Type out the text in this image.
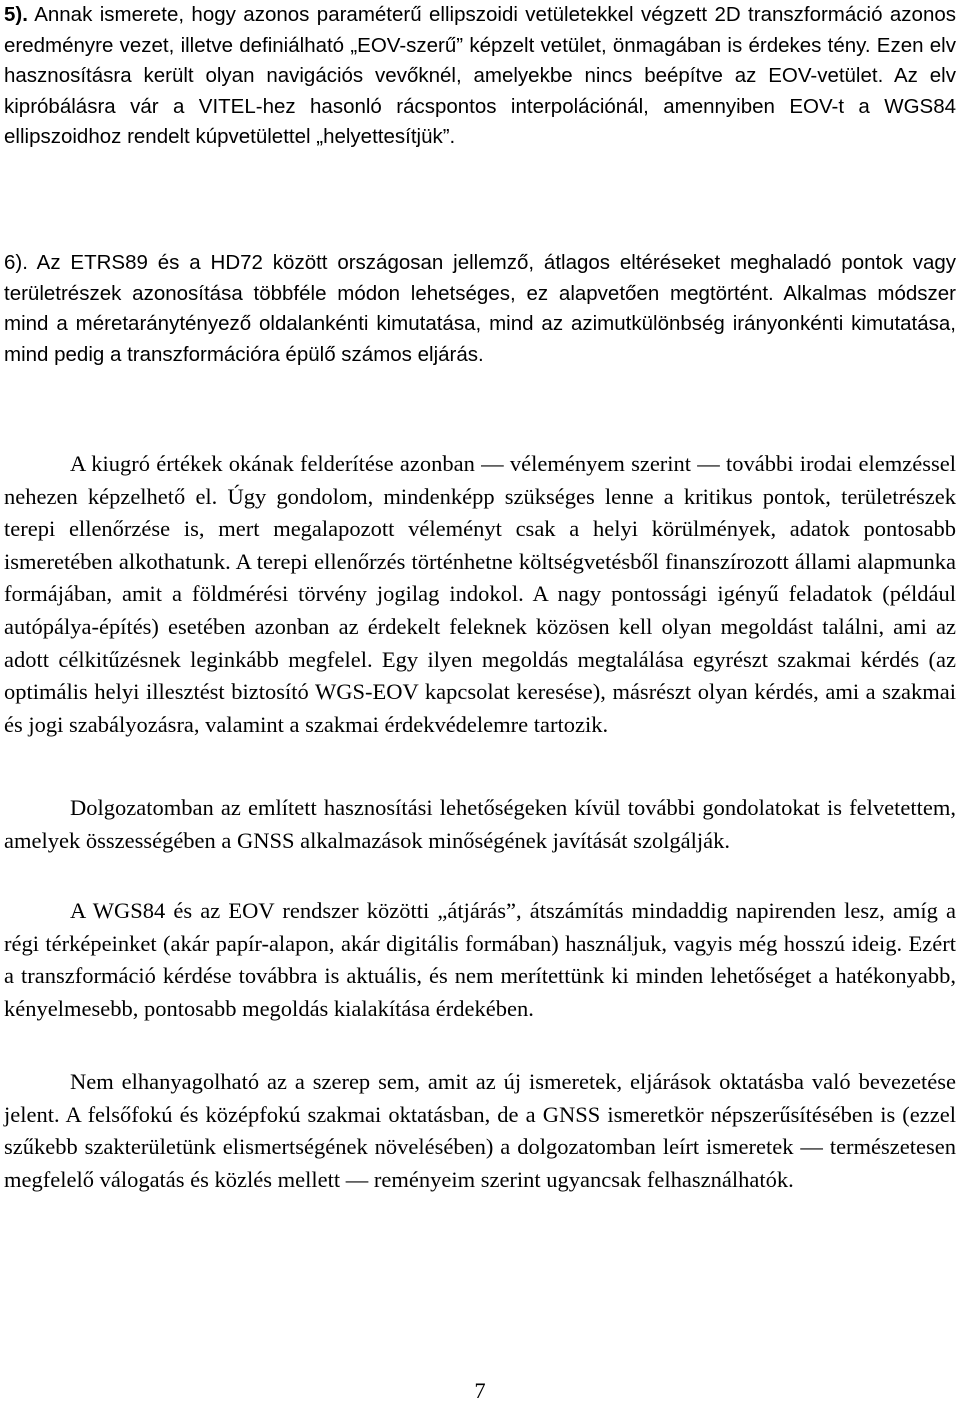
5). Annak ismerete, hogy azonos paraméterű ellipszoidi vetületekkel végzett 2D transzformáció azonos eredményre vezet, illetve definiálható „EOV-szerű” képzelt vetület, önmagában is érdekes tény. Ezen elv hasznosításra került olyan navigációs vevőknél, amelyekbe nincs beépítve az EOV-vetület. Az elv kipróbálásra vár a VITEL-hez hasonló rácspontos interpolációnál, amennyiben EOV-t a WGS84 ellipszoidhoz rendelt kúpvetülettel „helyettesítjük”.

6). Az ETRS89 és a HD72 között országosan jellemző, átlagos eltéréseket meghaladó pontok vagy területrészek azonosítása többféle módon lehetséges, ez alapvetően megtörtént. Alkalmas módszer mind a méretaránytényező oldalankénti kimutatása, mind az azimutkülönbség irányonkénti kimutatása, mind pedig a transzformációra épülő számos eljárás.

A kiugró értékek okának felderítése azonban — véleményem szerint — további irodai elemzéssel nehezen képzelhető el. Úgy gondolom, mindenképp szükséges lenne a kritikus pontok, területrészek terepi ellenőrzése is, mert megalapozott véleményt csak a helyi körülmények, adatok pontosabb ismeretében alkothatunk. A terepi ellenőrzés történhetne költségvetésből finanszírozott állami alapmunka formájában, amit a földmérési törvény jogilag indokol. A nagy pontossági igényű feladatok (például autópálya-építés) esetében azonban az érdekelt feleknek közösen kell olyan megoldást találni, ami az adott célkitűzésnek leginkább megfelel. Egy ilyen megoldás megtalálása egyrészt szakmai kérdés (az optimális helyi illesztést biztosító WGS-EOV kapcsolat keresése), másrészt olyan kérdés, ami a szakmai és jogi szabályozásra, valamint a szakmai érdekvédelemre tartozik.

Dolgozatomban az említett hasznosítási lehetőségeken kívül további gondolatokat is felvetettem, amelyek összességében a GNSS alkalmazások minőségének javítását szolgálják.

A WGS84 és az EOV rendszer közötti „átjárás”, átszámítás mindaddig napirenden lesz, amíg a régi térképeinket (akár papír-alapon, akár digitális formában) használjuk, vagyis még hosszú ideig. Ezért a transzformáció kérdése továbbra is aktuális, és nem merítettünk ki minden lehetőséget a hatékonyabb, kényelmesebb, pontosabb megoldás kialakítása érdekében.

Nem elhanyagolható az a szerep sem, amit az új ismeretek, eljárások oktatásba való bevezetése jelent. A felsőfokú és középfokú szakmai oktatásban, de a GNSS ismeretkör népszerűsítésében is (ezzel szűkebb szakterületünk elismertségének növelésében) a dolgozatomban leírt ismeretek — természetesen megfelelő válogatás és közlés mellett — reményeim szerint ugyancsak felhasználhatók.

7
